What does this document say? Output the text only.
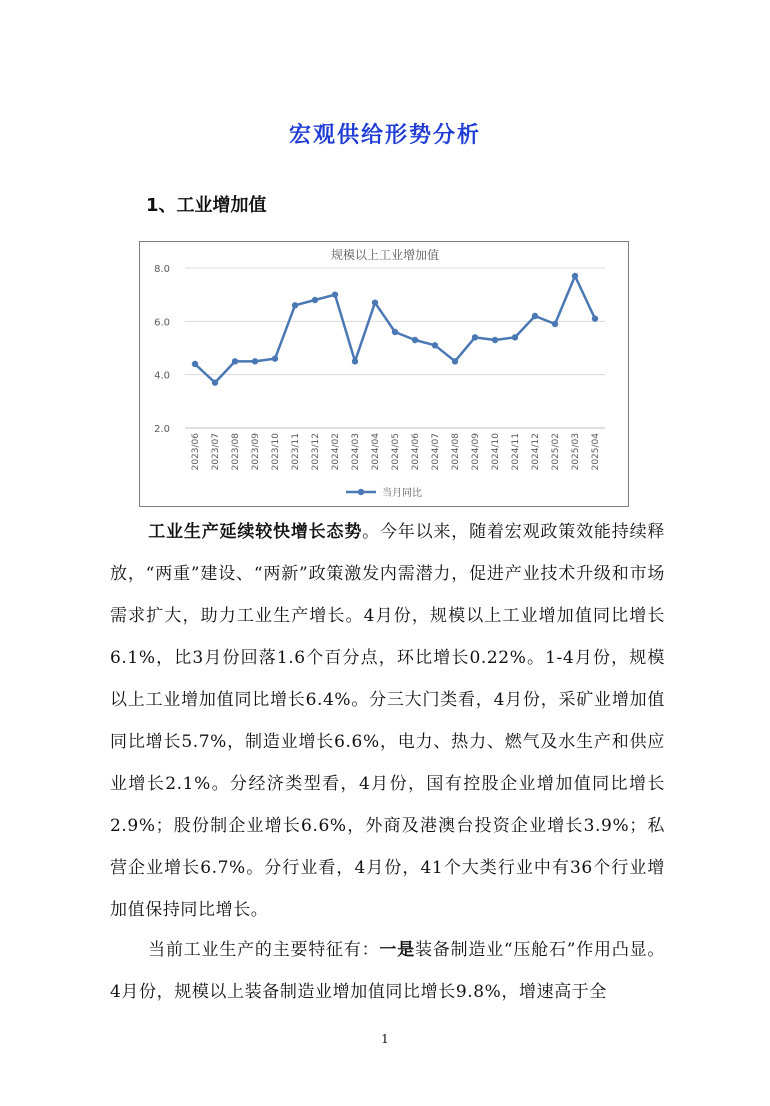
宏观供给形势分析
1、工业增加值
规模以上工业增加值
2.0
4.0
6.0
8.0
2023/06 2023/07 2023/08 2023/09 2023/10 2023/11 2023/12 2024/02 2024/03 2024/04 2024/05 2024/06 2024/07 2024/08 2024/09 2024/10 2024/11 2024/12 2025/02 2025/03 2025/04
当月同比
工业生产延续较快增长态势。今年以来，随着宏观政策效能持续释放，“两重”建设、“两新”政策激发内需潜力，促进产业技术升级和市场需求扩大，助力工业生产增长。4月份，规模以上工业增加值同比增长6.1%，比3月份回落1.6个百分点，环比增长0.22%。1-4月份，规模以上工业增加值同比增长6.4%。分三大门类看，4月份，采矿业增加值同比增长5.7%，制造业增长6.6%，电力、热力、燃气及水生产和供应业增长2.1%。分经济类型看，4月份，国有控股企业增加值同比增长2.9%；股份制企业增长6.6%，外商及港澳台投资企业增长3.9%；私营企业增长6.7%。分行业看，4月份，41个大类行业中有36个行业增加值保持同比增长。
当前工业生产的主要特征有：一是装备制造业“压舱石”作用凸显。4月份，规模以上装备制造业增加值同比增长9.8%，增速高于全
1
